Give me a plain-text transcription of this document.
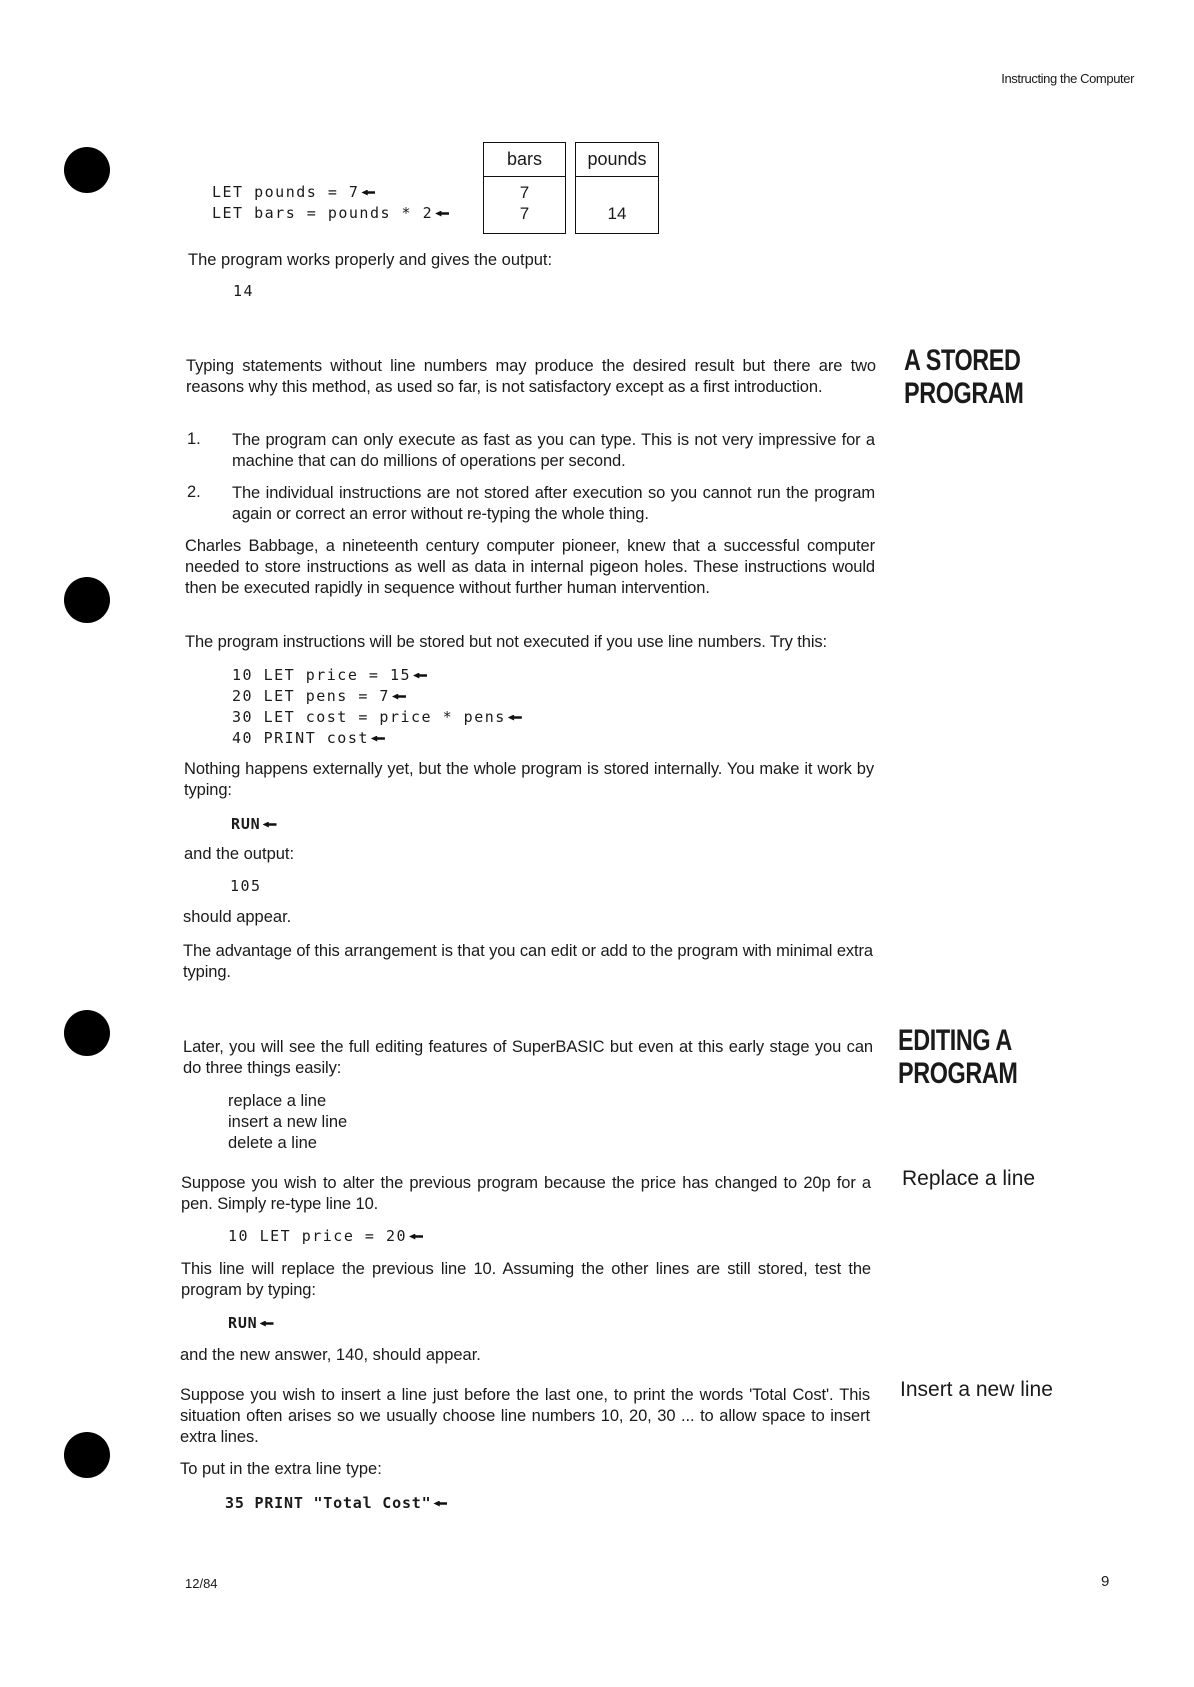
Instructing the Computer
LET pounds = 7
LET bars = pounds * 2
bars
7
7
pounds
14
The program works properly and gives the output:
14
A STORED
PROGRAM
Typing statements without line numbers may produce the desired result but there are two reasons why this method, as used so far, is not satisfactory except as a first introduction.
1. The program can only execute as fast as you can type. This is not very impressive for a machine that can do millions of operations per second.
2. The individual instructions are not stored after execution so you cannot run the program again or correct an error without re-typing the whole thing.
Charles Babbage, a nineteenth century computer pioneer, knew that a successful computer needed to store instructions as well as data in internal pigeon holes. These instructions would then be executed rapidly in sequence without further human intervention.
The program instructions will be stored but not executed if you use line numbers. Try this:
10 LET price = 15
20 LET pens = 7
30 LET cost = price * pens
40 PRINT cost
Nothing happens externally yet, but the whole program is stored internally. You make it work by typing:
RUN
and the output:
105
should appear.
The advantage of this arrangement is that you can edit or add to the program with minimal extra typing.
EDITING A
PROGRAM
Later, you will see the full editing features of SuperBASIC but even at this early stage you can do three things easily:
replace a line
insert a new line
delete a line
Replace a line
Suppose you wish to alter the previous program because the price has changed to 20p for a pen. Simply re-type line 10.
10 LET price = 20
This line will replace the previous line 10. Assuming the other lines are still stored, test the program by typing:
RUN
and the new answer, 140, should appear.
Insert a new line
Suppose you wish to insert a line just before the last one, to print the words 'Total Cost'. This situation often arises so we usually choose line numbers 10, 20, 30 ... to allow space to insert extra lines.
To put in the extra line type:
35 PRINT "Total Cost"
12/84	9
